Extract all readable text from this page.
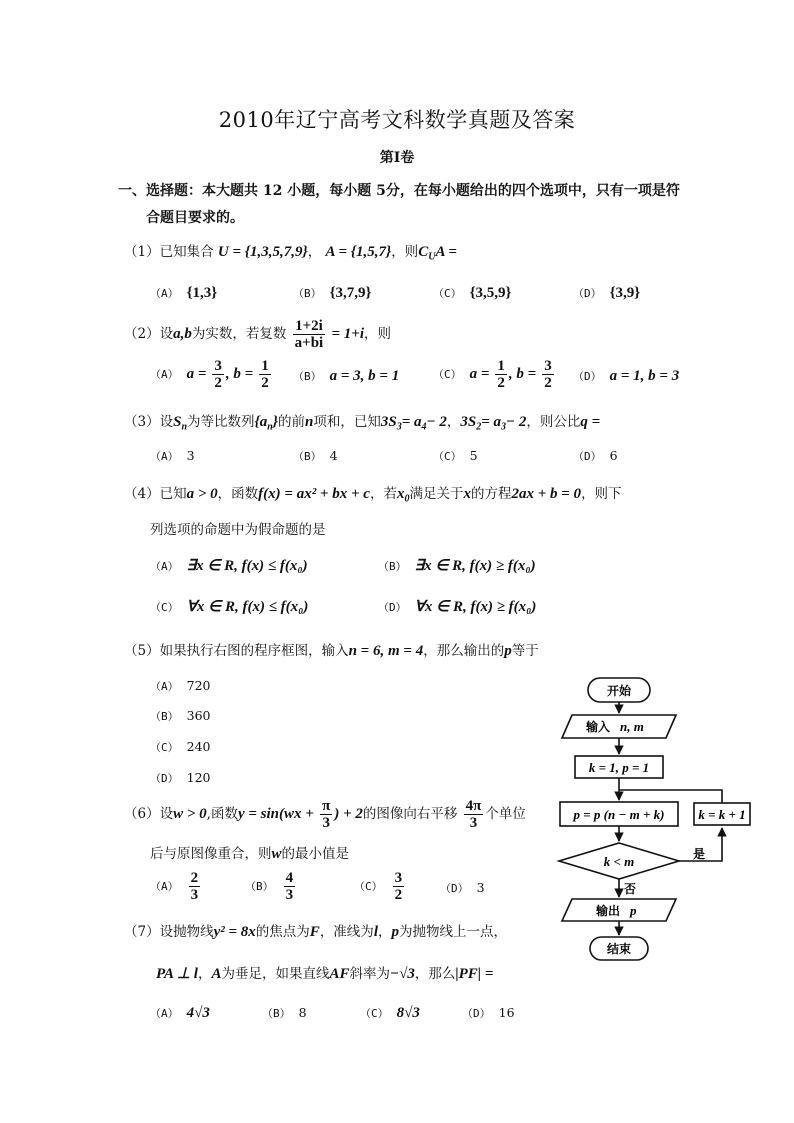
2010年辽宁高考文科数学真题及答案
第Ⅰ卷
一、选择题：本大题共 12 小题，每小题 5分，在每小题给出的四个选项中，只有一项是符
合题目要求的。
（1）已知集合 U = {1,3,5,7,9}， A = {1,5,7}，则$C_UA$ =
（A） {1,3}	（B） {3,7,9}	（C） {3,5,9}	（D） {3,9}
（2）设a,b为实数，若复数 $\frac{1+2i}{a+bi} = 1+i$，则
（A） $a = \frac{3}{2}$ , $b = \frac{1}{2} (B) a = 3$, b = 1	（C） $a = \frac{1}{2}$ , $b = \frac{3}{2} (D) a = 1$, b = 3
（3）设$S_n$为等比数列$\{a_n\}$的前n项和，已知$3S_3= a_4- 2$，$3S_2= a_3- 2$，则公比q =
（A） 3	（B） 4	（C） 5	（D） 6
（4）已知a > 0，函数f(x) = ax² + bx + c，若$x_0$满足关于x的方程2ax + b = 0，则下
列选项的命题中为假命题的是
（A） ∃x ∈ R, f(x) ≤ f(x₀)	（B） ∃x ∈ R, f(x) ≥ f(x₀)
（C） ∀x ∈ R, f(x) ≤ f(x₀)	（D） ∀x ∈ R, f(x) ≥ f(x₀)
（5）如果执行右图的程序框图，输入n = 6, m = 4，那么输出的p等于
（A） 720
（B） 360
（C） 240
（D） 120
（6）设w > 0,函数$y = \sin(wx + \frac{\pi}{3}$ ) + 2的图像向右平移 $\frac{4\pi}{3}$ 个单位
后与原图像重合，则w的最小值是
$(A) \frac{2}{3}$	$(B) \frac{4}{3}$	$(C) \frac{3}{2}$	（D） 3
（7）设抛物线y² = 8x的焦点为F，准线为l，p为抛物线上一点，
PA ⊥ l，A为垂足，如果直线AF斜率为−√3，那么|PF| =
（A） 4√3	（B） 8	（C） 8√3	（D） 16
开始
输入 n, m
k = 1, p = 1
p = p (n − m + k)	k = k + 1
k < m	是
否
输出 p
结束
